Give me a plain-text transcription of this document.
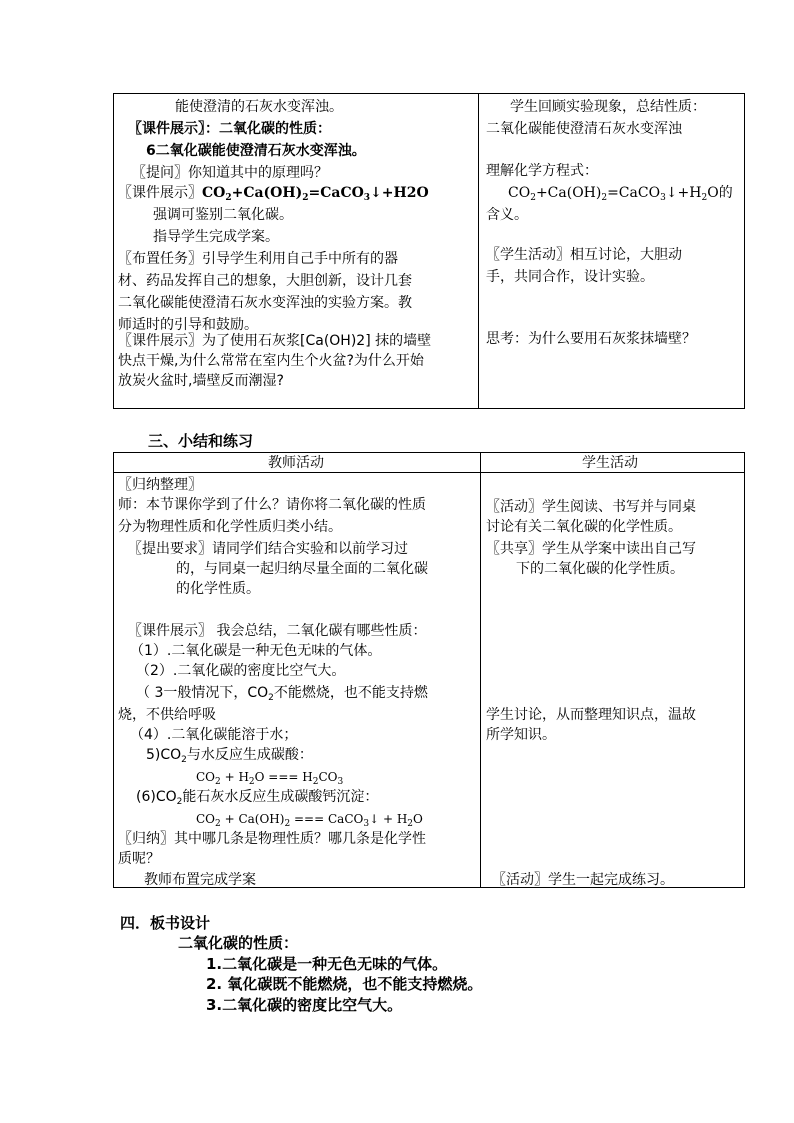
能使澄清的石灰水变浑浊。
〖课件展示〗：二氧化碳的性质：
6二氧化碳能使澄清石灰水变浑浊。
〖提问〗你知道其中的原理吗？
〖课件展示〗$CO_2+Ca(OH)_2=CaCO_3↓+H2O$
强调可鉴别二氧化碳。
指导学生完成学案。
〖布置任务〗引导学生利用自己手中所有的器
材、药品发挥自己的想象，大胆创新，设计几套
二氧化碳能使澄清石灰水变浑浊的实验方案。教
师适时的引导和鼓励。
〖课件展示〗为了使用石灰浆[Ca(OH)2] 抹的墙壁
快点干燥,为什么常常在室内生个火盆?为什么开始
放炭火盆时,墙壁反而潮湿?
学生回顾实验现象，总结性质：
二氧化碳能使澄清石灰水变浑浊
理解化学方程式：
$CO_2+Ca(OH)_2=CaCO_3↓+H_2O$的
含义。
〖学生活动〗相互讨论，大胆动
手，共同合作，设计实验。
思考：为什么要用石灰浆抹墙壁？
三、小结和练习
教师活动	学生活动
〖归纳整理〗
师：本节课你学到了什么？请你将二氧化碳的性质
分为物理性质和化学性质归类小结。
〖提出要求〗请同学们结合实验和以前学习过
的，与同桌一起归纳尽量全面的二氧化碳
的化学性质。
〖课件展示〗 我会总结，二氧化碳有哪些性质：
（1）.二氧化碳是一种无色无味的气体。
（2）.二氧化碳的密度比空气大。
（ 3一般情况下，$CO_2$不能燃烧，也不能支持燃
烧，不供给呼吸
（4）.二氧化碳能溶于水；
$5)CO_2$与水反应生成碳酸：
$CO_2 + H_2O$ === $H_2CO_3$
$(6)CO_2$能石灰水反应生成碳酸钙沉淀：
$CO_2 + Ca(OH)_2$ === CaCO$_3$↓ + $H_2O$
〖归纳〗其中哪几条是物理性质？哪几条是化学性
质呢？
教师布置完成学案
〖活动〗学生阅读、书写并与同桌
讨论有关二氧化碳的化学性质。
〖共享〗学生从学案中读出自己写
下的二氧化碳的化学性质。
学生讨论，从而整理知识点，温故
所学知识。
〖活动〗学生一起完成练习。
四．板书设计
二氧化碳的性质：
1.二氧化碳是一种无色无味的气体。
2. 氧化碳既不能燃烧，也不能支持燃烧。
3.二氧化碳的密度比空气大。
